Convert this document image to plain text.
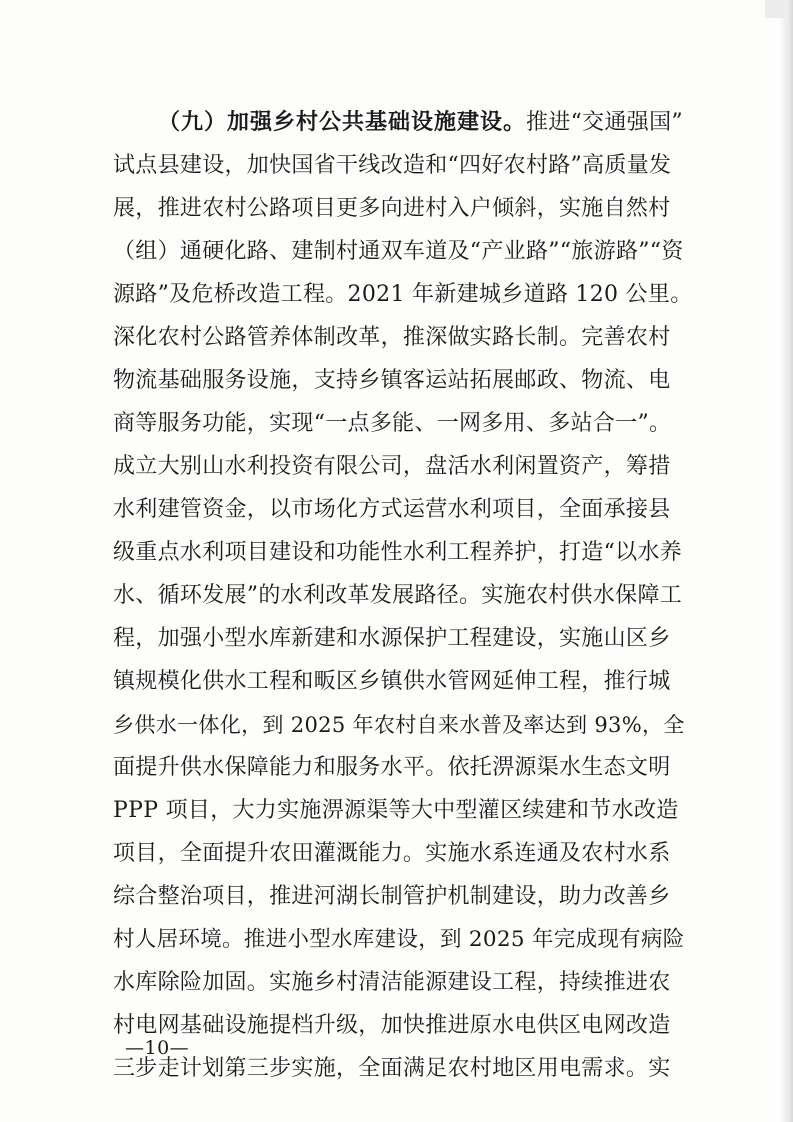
（九）加强乡村公共基础设施建设。 推进“交通强国”
试点县建设，加快国省干线改造和“四好农村路”高质量发
展，推进农村公路项目更多向进村入户倾斜，实施自然村
（组）通硬化路、建制村通双车道及“产业路”“旅游路”“资
源路”及危桥改造工程。2021 年新建城乡道路 120 公里。
深化农村公路管养体制改革，推深做实路长制。完善农村
物流基础服务设施，支持乡镇客运站拓展邮政、物流、电
商等服务功能，实现“一点多能、一网多用、多站合一”。
成立大别山水利投资有限公司，盘活水利闲置资产，筹措
水利建管资金，以市场化方式运营水利项目，全面承接县
级重点水利项目建设和功能性水利工程养护，打造“以水养
水、循环发展”的水利改革发展路径。实施农村供水保障工
程，加强小型水库新建和水源保护工程建设，实施山区乡
镇规模化供水工程和畈区乡镇供水管网延伸工程，推行城
乡供水一体化，到 2025 年农村自来水普及率达到 93%，全
面提升供水保障能力和服务水平。依托淠源渠水生态文明
PPP 项目，大力实施淠源渠等大中型灌区续建和节水改造
项目，全面提升农田灌溉能力。实施水系连通及农村水系
综合整治项目，推进河湖长制管护机制建设，助力改善乡
村人居环境。推进小型水库建设，到 2025 年完成现有病险
水库除险加固。实施乡村清洁能源建设工程，持续推进农
村电网基础设施提档升级，加快推进原水电供区电网改造
三步走计划第三步实施，全面满足农村地区用电需求。实
—10—
